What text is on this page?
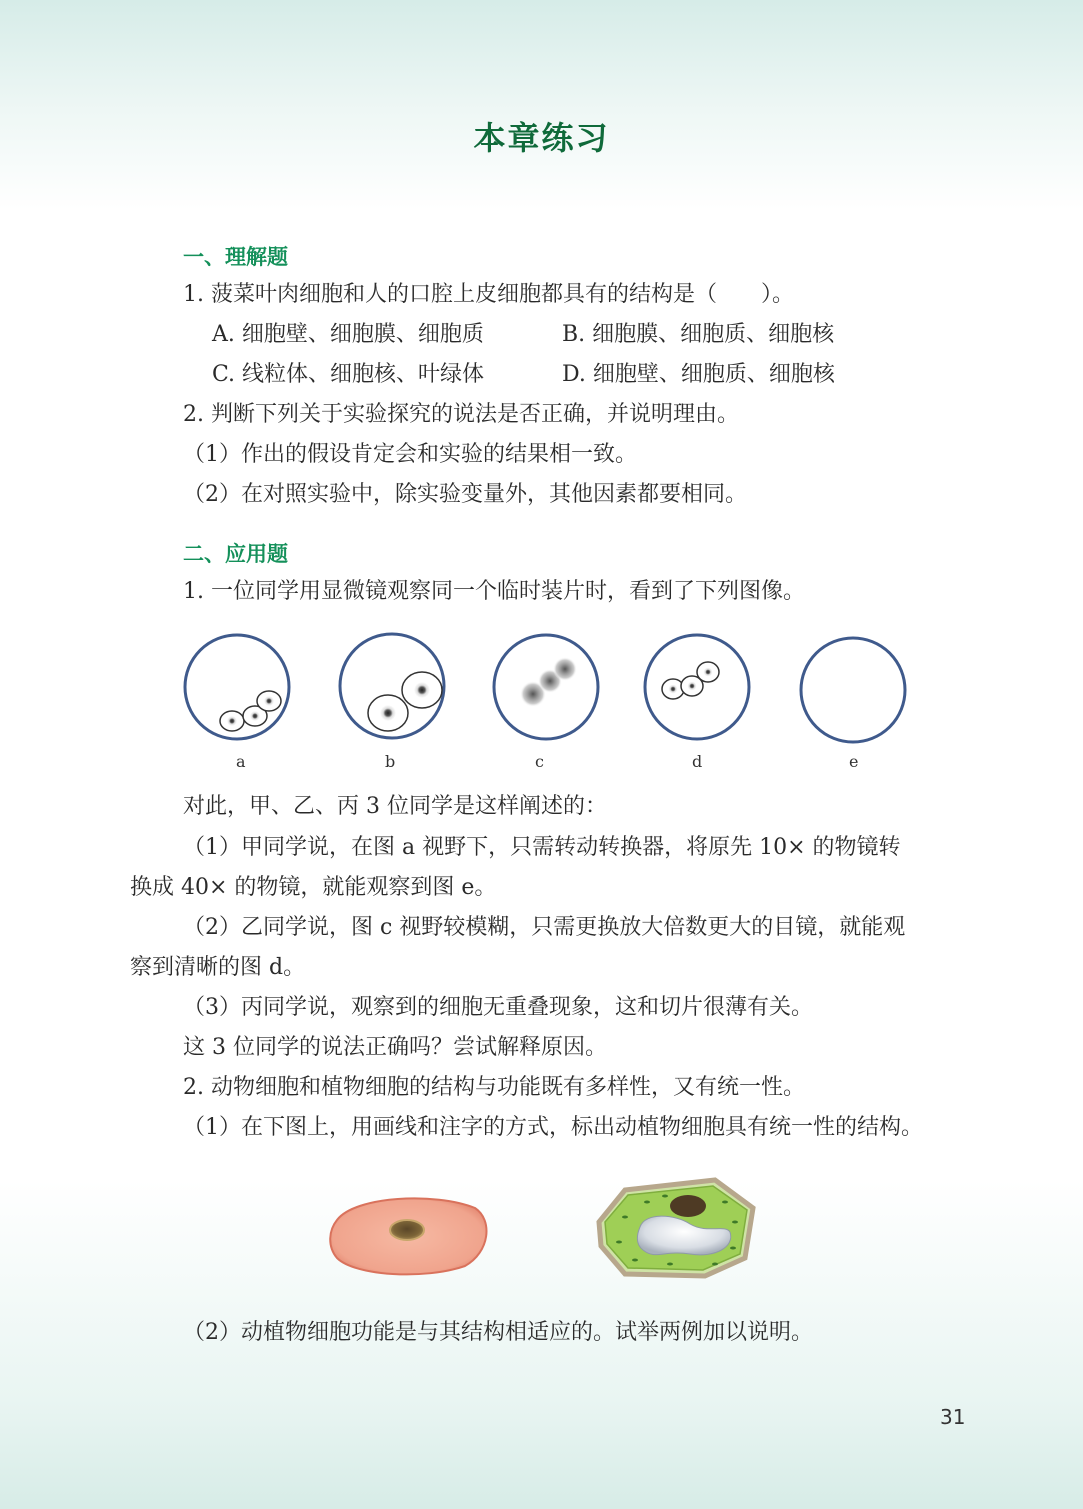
本章练习
一、理解题
1. 菠菜叶肉细胞和人的口腔上皮细胞都具有的结构是（　　）。
A. 细胞壁、细胞膜、细胞质	B. 细胞膜、细胞质、细胞核
C. 线粒体、细胞核、叶绿体	D. 细胞壁、细胞质、细胞核
2. 判断下列关于实验探究的说法是否正确，并说明理由。
（1）作出的假设肯定会和实验的结果相一致。
（2）在对照实验中，除实验变量外，其他因素都要相同。
二、应用题
1. 一位同学用显微镜观察同一个临时装片时，看到了下列图像。
a	b	c	d	e
对此，甲、乙、丙 3 位同学是这样阐述的：
（1）甲同学说，在图 a 视野下，只需转动转换器，将原先 10× 的物镜转
换成 40× 的物镜，就能观察到图 e。
（2）乙同学说，图 c 视野较模糊，只需更换放大倍数更大的目镜，就能观
察到清晰的图 d。
（3）丙同学说，观察到的细胞无重叠现象，这和切片很薄有关。
这 3 位同学的说法正确吗？尝试解释原因。
2. 动物细胞和植物细胞的结构与功能既有多样性，又有统一性。
（1）在下图上，用画线和注字的方式，标出动植物细胞具有统一性的结构。
（2）动植物细胞功能是与其结构相适应的。试举两例加以说明。
31
